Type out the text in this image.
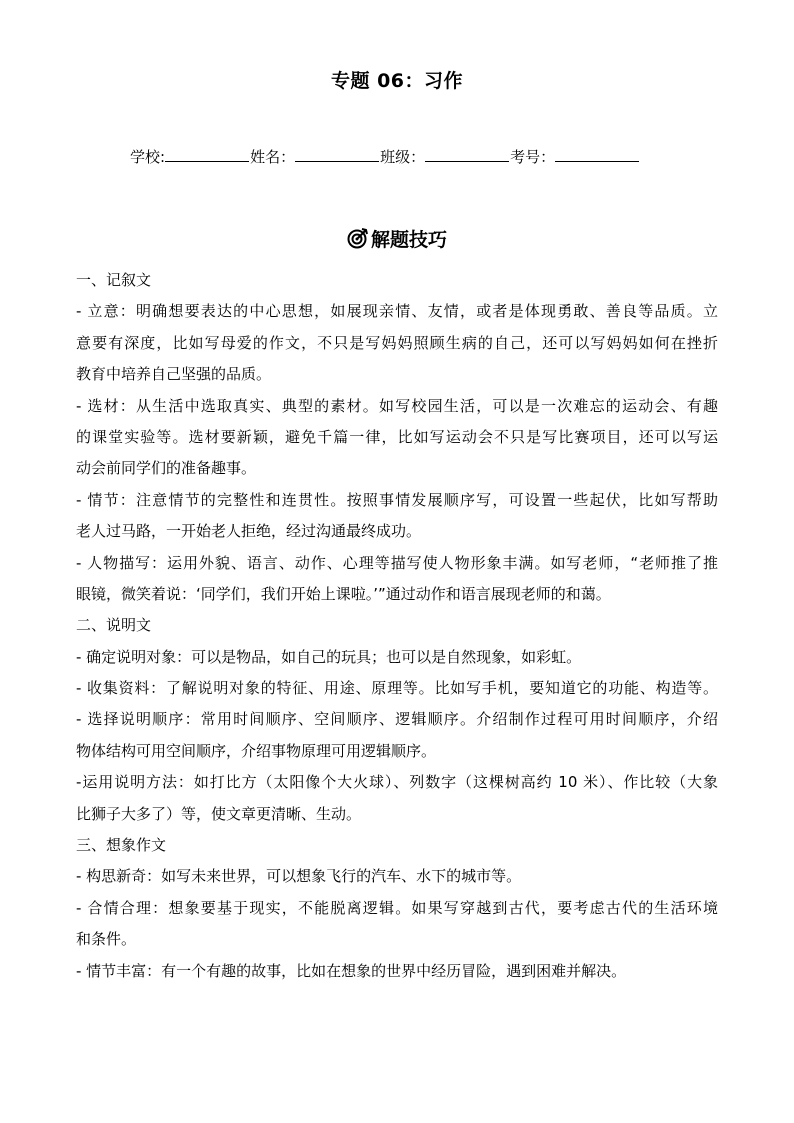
专题 06：习作
学校:	姓名：	班级：	考号：
解题技巧
一、记叙文
- 立意：明确想要表达的中心思想，如展现亲情、友情，或者是体现勇敢、善良等品质。立
意要有深度，比如写母爱的作文，不只是写妈妈照顾生病的自己，还可以写妈妈如何在挫折
教育中培养自己坚强的品质。
- 选材：从生活中选取真实、典型的素材。如写校园生活，可以是一次难忘的运动会、有趣
的课堂实验等。选材要新颖，避免千篇一律，比如写运动会不只是写比赛项目，还可以写运
动会前同学们的准备趣事。
- 情节：注意情节的完整性和连贯性。按照事情发展顺序写，可设置一些起伏，比如写帮助
老人过马路，一开始老人拒绝，经过沟通最终成功。
- 人物描写：运用外貌、语言、动作、心理等描写使人物形象丰满。如写老师，“老师推了推
眼镜，微笑着说：‘同学们，我们开始上课啦。’”通过动作和语言展现老师的和蔼。
二、说明文
- 确定说明对象：可以是物品，如自己的玩具；也可以是自然现象，如彩虹。
- 收集资料：了解说明对象的特征、用途、原理等。比如写手机，要知道它的功能、构造等。
- 选择说明顺序：常用时间顺序、空间顺序、逻辑顺序。介绍制作过程可用时间顺序，介绍
物体结构可用空间顺序，介绍事物原理可用逻辑顺序。
-运用说明方法：如打比方（太阳像个大火球）、列数字（这棵树高约 10 米）、作比较（大象
比狮子大多了）等，使文章更清晰、生动。
三、想象作文
- 构思新奇：如写未来世界，可以想象飞行的汽车、水下的城市等。
- 合情合理：想象要基于现实，不能脱离逻辑。如果写穿越到古代，要考虑古代的生活环境
和条件。
- 情节丰富：有一个有趣的故事，比如在想象的世界中经历冒险，遇到困难并解决。
